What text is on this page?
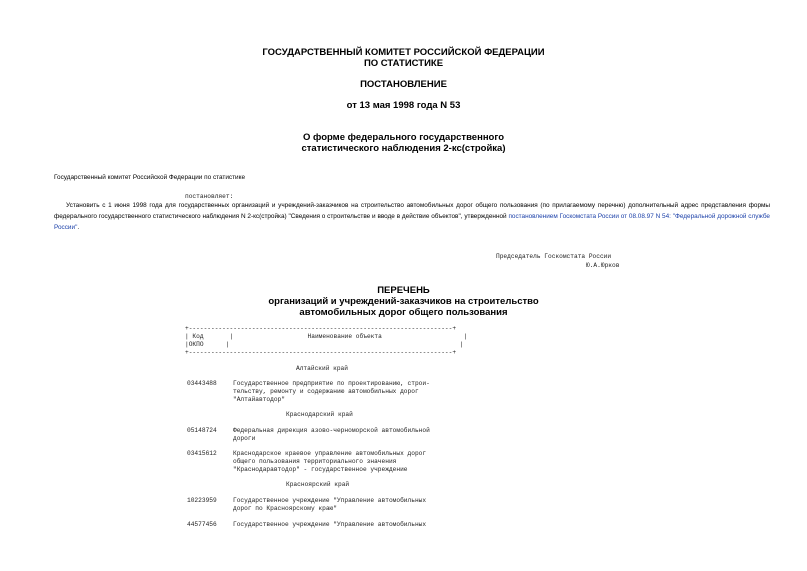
ГОСУДАРСТВЕННЫЙ КОМИТЕТ РОССИЙСКОЙ ФЕДЕРАЦИИ
ПО СТАТИСТИКЕ
ПОСТАНОВЛЕНИЕ
от 13 мая 1998 года N 53
О форме федерального государственного
статистического наблюдения 2-кс(стройка)
Государственный комитет Российской Федерации по статистике
постановляет:
Установить с 1 июня 1998 года для государственных организаций и учреждений-заказчиков на строительство автомобильных дорог общего пользования (по прилагаемому перечню) дополнительный адрес представления формы федерального государственного статистического наблюдения N 2-кс(стройка) "Сведения о строительстве и вводе в действие объектов", утвержденной постановлением Госкомстата России от 08.08.97 N 54: "Федеральной дорожной службе России".
Председатель Госкомстата России
Ю.А.Юрков
ПЕРЕЧЕНЬ
организаций и учреждений-заказчиков на строительство
автомобильных дорог общего пользования
+-----------------------------------------------------------------------+
| Код       |                    Наименование объекта                      |
|ОКПО      |                                                              |
+-----------------------------------------------------------------------+
Алтайский край
03443488	Государственное предприятие по проектированию, строи-
тельству, ремонту и содержанию автомобильных дорог
"Алтайавтодор"
Краснодарский край
05148724	Федеральная дирекция азово-черноморской автомобильной
дороги
03415612	Краснодарское краевое управление автомобильных дорог
общего пользования территориального значения
"Краснодаравтодор" - государственное учреждение
Красноярский край
10223959	Государственное учреждение "Управление автомобильных
дорог по Красноярскому краю"
44577456	Государственное учреждение "Управление автомобильных
